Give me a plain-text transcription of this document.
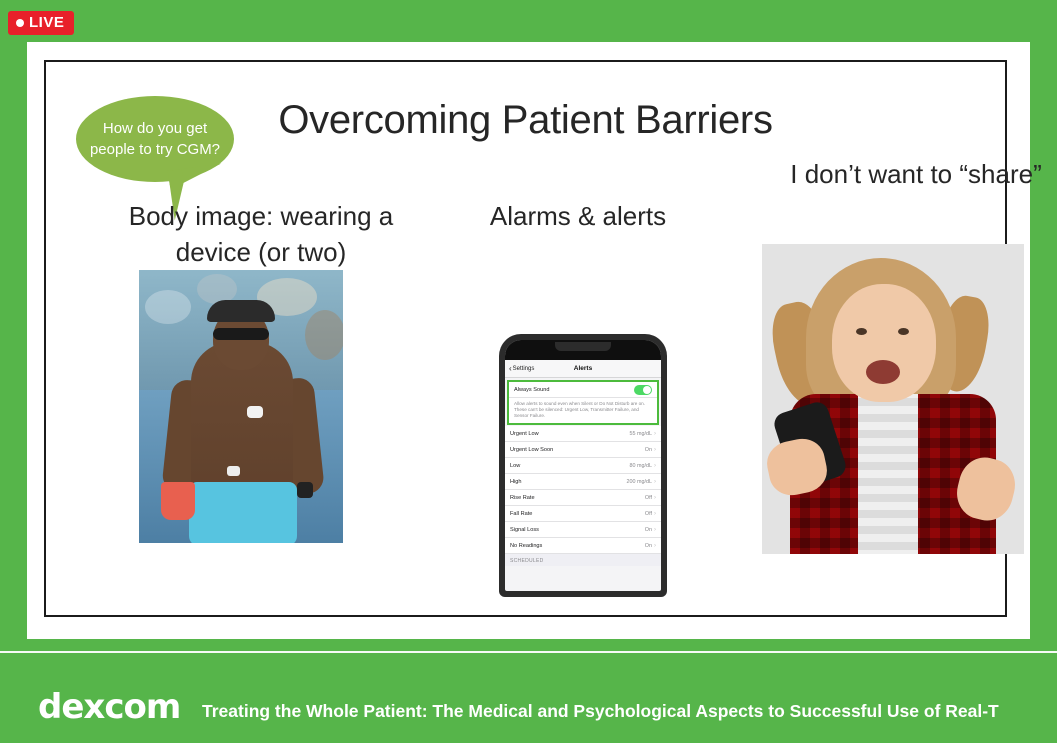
LIVE
Overcoming Patient Barriers
How do you get people to try CGM?
Body image: wearing a device (or two)
Alarms & alerts
I don’t want to “share”
‹ Settings	Alerts
Always Sound
Allow alerts to sound even when Silent or Do Not Disturb are on. These can't be silenced: Urgent Low, Transmitter Failure, and Sensor Failure.
Urgent Low	55 mg/dL ›
Urgent Low Soon	On ›
Low	80 mg/dL ›
High	200 mg/dL ›
Rise Rate	Off ›
Fall Rate	Off ›
Signal Loss	On ›
No Readings	On ›
SCHEDULED
dexcom Treating the Whole Patient: The Medical and Psychological Aspects to Successful Use of Real-T
